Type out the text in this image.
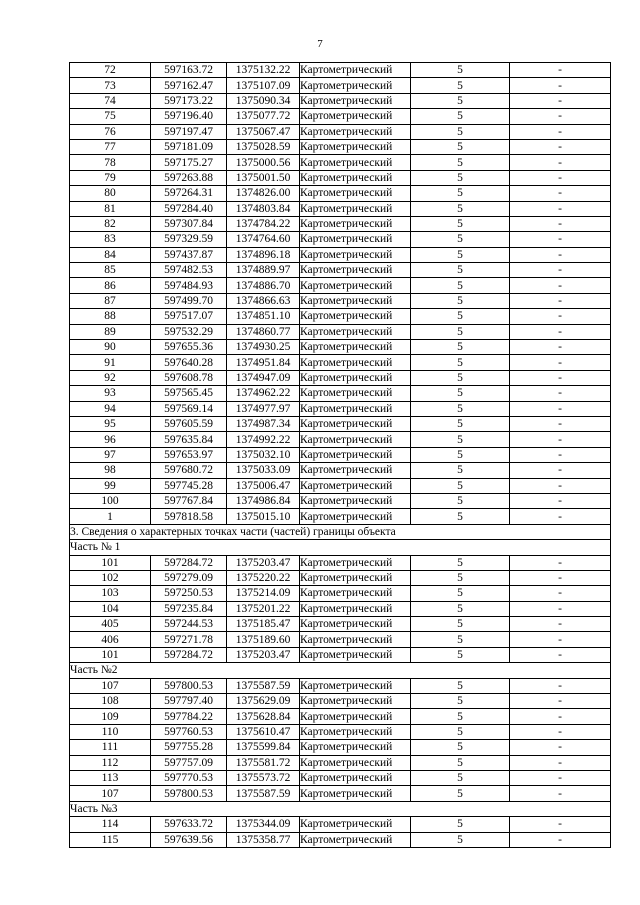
7
72	597163.72	1375132.22	Картометрический	5	-
73	597162.47	1375107.09	Картометрический	5	-
74	597173.22	1375090.34	Картометрический	5	-
75	597196.40	1375077.72	Картометрический	5	-
76	597197.47	1375067.47	Картометрический	5	-
77	597181.09	1375028.59	Картометрический	5	-
78	597175.27	1375000.56	Картометрический	5	-
79	597263.88	1375001.50	Картометрический	5	-
80	597264.31	1374826.00	Картометрический	5	-
81	597284.40	1374803.84	Картометрический	5	-
82	597307.84	1374784.22	Картометрический	5	-
83	597329.59	1374764.60	Картометрический	5	-
84	597437.87	1374896.18	Картометрический	5	-
85	597482.53	1374889.97	Картометрический	5	-
86	597484.93	1374886.70	Картометрический	5	-
87	597499.70	1374866.63	Картометрический	5	-
88	597517.07	1374851.10	Картометрический	5	-
89	597532.29	1374860.77	Картометрический	5	-
90	597655.36	1374930.25	Картометрический	5	-
91	597640.28	1374951.84	Картометрический	5	-
92	597608.78	1374947.09	Картометрический	5	-
93	597565.45	1374962.22	Картометрический	5	-
94	597569.14	1374977.97	Картометрический	5	-
95	597605.59	1374987.34	Картометрический	5	-
96	597635.84	1374992.22	Картометрический	5	-
97	597653.97	1375032.10	Картометрический	5	-
98	597680.72	1375033.09	Картометрический	5	-
99	597745.28	1375006.47	Картометрический	5	-
100	597767.84	1374986.84	Картометрический	5	-
1	597818.58	1375015.10	Картометрический	5	-
3. Сведения о характерных точках части (частей) границы объекта					
Часть № 1					
101	597284.72	1375203.47	Картометрический	5	-
102	597279.09	1375220.22	Картометрический	5	-
103	597250.53	1375214.09	Картометрический	5	-
104	597235.84	1375201.22	Картометрический	5	-
405	597244.53	1375185.47	Картометрический	5	-
406	597271.78	1375189.60	Картометрический	5	-
101	597284.72	1375203.47	Картометрический	5	-
Часть №2					
107	597800.53	1375587.59	Картометрический	5	-
108	597797.40	1375629.09	Картометрический	5	-
109	597784.22	1375628.84	Картометрический	5	-
110	597760.53	1375610.47	Картометрический	5	-
111	597755.28	1375599.84	Картометрический	5	-
112	597757.09	1375581.72	Картометрический	5	-
113	597770.53	1375573.72	Картометрический	5	-
107	597800.53	1375587.59	Картометрический	5	-
Часть №3					
114	597633.72	1375344.09	Картометрический	5	-
115	597639.56	1375358.77	Картометрический	5	-
